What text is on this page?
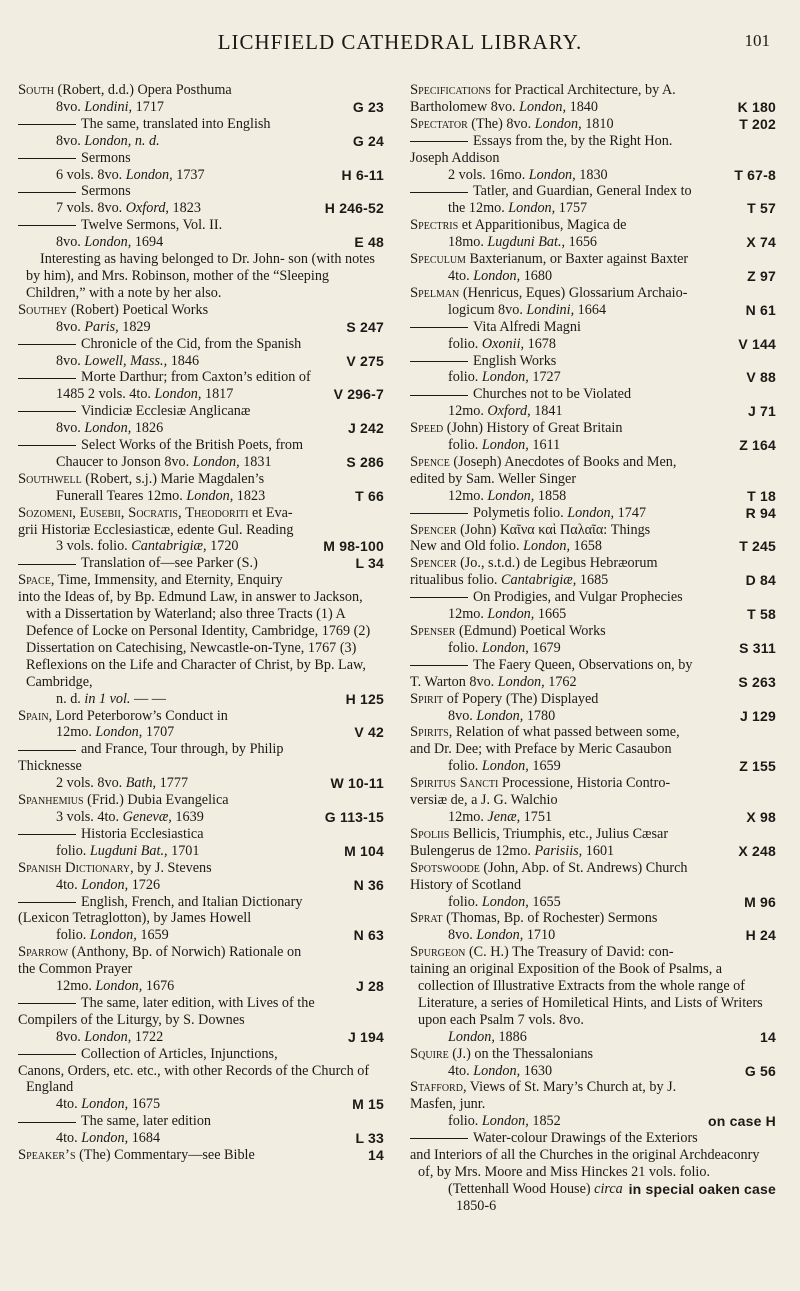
LICHFIELD CATHEDRAL LIBRARY.	101
South (Robert, d.d.) Opera Posthuma
G 23
8vo. Londini, 1717
The same, translated into English
G 24
8vo. London, n. d.
Sermons
H 6-11
6 vols. 8vo. London, 1737
Sermons
H 246-52
7 vols. 8vo. Oxford, 1823
Twelve Sermons, Vol. II.
E 48
8vo. London, 1694
Interesting as having belonged to Dr. John- son (with notes by him), and Mrs. Robinson, mother of the “Sleeping Children,” with a note by her also.
Southey (Robert) Poetical Works
S 247
8vo. Paris, 1829
Chronicle of the Cid, from the Spanish
V 275
8vo. Lowell, Mass., 1846
Morte Darthur; from Caxton’s edition of
V 296-7
1485 2 vols. 4to. London, 1817
Vindiciæ Ecclesiæ Anglicanæ
J 242
8vo. London, 1826
Select Works of the British Poets, from
S 286
Chaucer to Jonson 8vo. London, 1831
Southwell (Robert, s.j.) Marie Magdalen’s
T 66
Funerall Teares 12mo. London, 1823
Sozomeni, Eusebii, Socratis, Theodoriti et Eva-
grii Historiæ Ecclesiasticæ, edente Gul. Reading
M 98-100
3 vols. folio. Cantabrigiæ, 1720
L 34
Translation of—see Parker (S.)
Space, Time, Immensity, and Eternity, Enquiry
into the Ideas of, by Bp. Edmund Law, in answer to Jackson, with a Dissertation by Waterland; also three Tracts (1) A Defence of Locke on Personal Identity, Cambridge, 1769 (2) Dissertation on Catechising, Newcastle-on-Tyne, 1767 (3) Reflexions on the Life and Character of Christ, by Bp. Law, Cambridge,
H 125
n. d. in 1 vol. — —
Spain, Lord Peterborow’s Conduct in
V 42
12mo. London, 1707
and France, Tour through, by Philip
Thicknesse
W 10-11
2 vols. 8vo. Bath, 1777
Spanhemius (Frid.) Dubia Evangelica
G 113-15
3 vols. 4to. Genevæ, 1639
Historia Ecclesiastica
M 104
folio. Lugduni Bat., 1701
Spanish Dictionary, by J. Stevens
N 36
4to. London, 1726
English, French, and Italian Dictionary
(Lexicon Tetraglotton), by James Howell
N 63
folio. London, 1659
Sparrow (Anthony, Bp. of Norwich) Rationale on
the Common Prayer
J 28
12mo. London, 1676
The same, later edition, with Lives of the
Compilers of the Liturgy, by S. Downes
J 194
8vo. London, 1722
Collection of Articles, Injunctions,
Canons, Orders, etc. etc., with other Records of the Church of England
M 15
4to. London, 1675
The same, later edition
L 33
4to. London, 1684
14
Speaker’s (The) Commentary—see Bible
Specifications for Practical Architecture, by A.
K 180
Bartholomew 8vo. London, 1840
T 202
Spectator (The) 8vo. London, 1810
Essays from the, by the Right Hon.
Joseph Addison
T 67-8
2 vols. 16mo. London, 1830
Tatler, and Guardian, General Index to
T 57
the 12mo. London, 1757
Spectris et Apparitionibus, Magica de
X 74
18mo. Lugduni Bat., 1656
Speculum Baxterianum, or Baxter against Baxter
Z 97
4to. London, 1680
Spelman (Henricus, Eques) Glossarium Archaio-
N 61
logicum 8vo. Londini, 1664
Vita Alfredi Magni
V 144
folio. Oxonii, 1678
English Works
V 88
folio. London, 1727
Churches not to be Violated
J 71
12mo. Oxford, 1841
Speed (John) History of Great Britain
Z 164
folio. London, 1611
Spence (Joseph) Anecdotes of Books and Men,
edited by Sam. Weller Singer
T 18
12mo. London, 1858
R 94
Polymetis folio. London, 1747
Spencer (John) Καῖνα καὶ Παλαῖα: Things
T 245
New and Old folio. London, 1658
Spencer (Jo., s.t.d.) de Legibus Hebræorum
D 84
ritualibus folio. Cantabrigiæ, 1685
On Prodigies, and Vulgar Prophecies
T 58
12mo. London, 1665
Spenser (Edmund) Poetical Works
S 311
folio. London, 1679
The Faery Queen, Observations on, by
S 263
T. Warton 8vo. London, 1762
Spirit of Popery (The) Displayed
J 129
8vo. London, 1780
Spirits, Relation of what passed between some,
and Dr. Dee; with Preface by Meric Casaubon
Z 155
folio. London, 1659
Spiritus Sancti Processione, Historia Contro-
versiæ de, a J. G. Walchio
X 98
12mo. Jenæ, 1751
Spoliis Bellicis, Triumphis, etc., Julius Cæsar
X 248
Bulengerus de 12mo. Parisiis, 1601
Spotswoode (John, Abp. of St. Andrews) Church
History of Scotland
M 96
folio. London, 1655
Sprat (Thomas, Bp. of Rochester) Sermons
H 24
8vo. London, 1710
Spurgeon (C. H.) The Treasury of David: con-
taining an original Exposition of the Book of Psalms, a collection of Illustrative Extracts from the whole range of Literature, a series of Homiletical Hints, and Lists of Writers upon each Psalm 7 vols. 8vo.
14
London, 1886
Squire (J.) on the Thessalonians
G 56
4to. London, 1630
Stafford, Views of St. Mary’s Church at, by J.
Masfen, junr.
on case H
folio. London, 1852
Water-colour Drawings of the Exteriors
and Interiors of all the Churches in the original Archdeaconry of, by Mrs. Moore and Miss Hinckes 21 vols. folio.
in special oaken case
(Tettenhall Wood House) circa 1850-6
